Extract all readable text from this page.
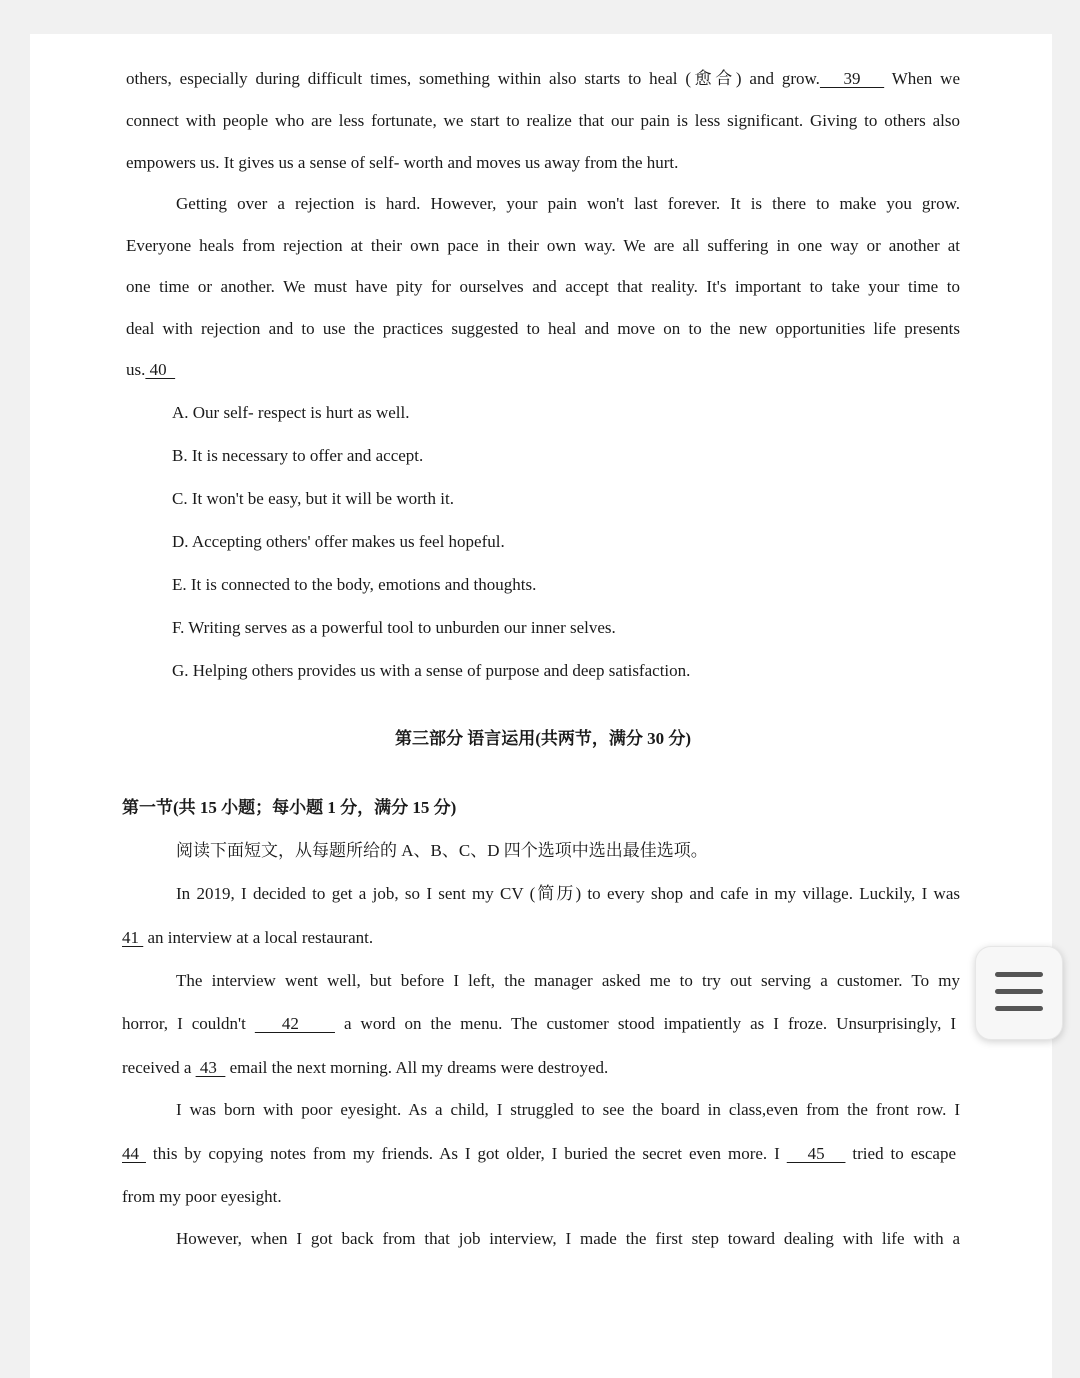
others, especially during difficult times, something within also starts to heal (愈合) and grow.   39    When we
connect with people who are less fortunate, we start to realize that our pain is less significant. Giving to others also
empowers us. It gives us a sense of self- worth and moves us away from the hurt.
Getting over a rejection is hard. However, your pain won't last forever. It is there to make you grow.
Everyone heals from rejection at their own pace in their own way. We are all suffering in one way or another at
one time or another. We must have pity for ourselves and accept that reality. It's important to take your time to
deal with rejection and to use the practices suggested to heal and move on to the new opportunities life presents
us. 40
A. Our self- respect is hurt as well.
B. It is necessary to offer and accept.
C. It won't be easy, but it will be worth it.
D. Accepting others' offer makes us feel hopeful.
E. It is connected to the body, emotions and thoughts.
F. Writing serves as a powerful tool to unburden our inner selves.
G. Helping others provides us with a sense of purpose and deep satisfaction.
第三部分 语言运用(共两节，满分 30 分)
第一节(共 15 小题；每小题 1 分，满分 15 分)
阅读下面短文，从每题所给的 A、B、C、D 四个选项中选出最佳选项。
In 2019, I decided to get a job, so I sent my CV (简历) to every shop and cafe in my village. Luckily, I was
41  an interview at a local restaurant.
The interview went well, but before I left, the manager asked me to try out serving a customer. To my
horror, I couldn't    42     a word on the menu. The customer stood impatiently as I froze. Unsurprisingly, I
received a  43   email the next morning. All my dreams were destroyed.
I was born with poor eyesight. As a child, I struggled to see the board in class,even from the front row. I
44  this by copying notes from my friends. As I got older, I buried the secret even more. I    45    tried to escape
from my poor eyesight.
However, when I got back from that job interview, I made the first step toward dealing with life with a
